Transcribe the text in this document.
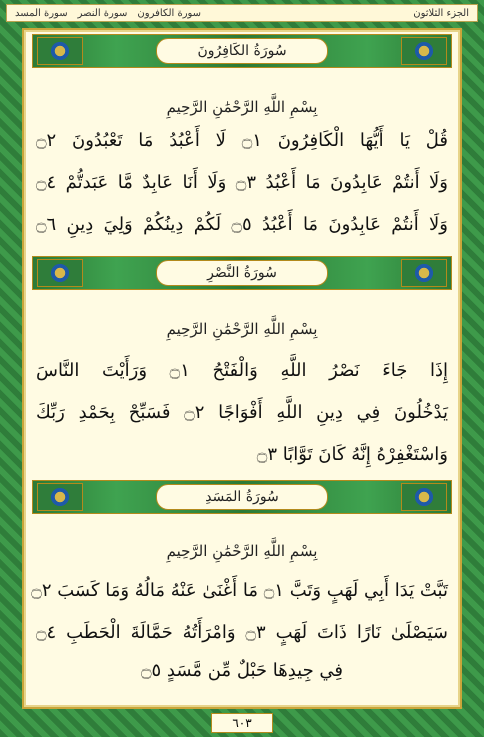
الجزء الثلاثون
سورة الكافرون
سورة النصر
سورة المسد
سُورَةُ الكَافِرُونَ
بِسْمِ اللَّهِ الرَّحْمَٰنِ الرَّحِيمِ
قُلْ يَا أَيُّهَا الْكَافِرُونَ ۝١ لَا أَعْبُدُ مَا تَعْبُدُونَ ۝٢
وَلَا أَنتُمْ عَابِدُونَ مَا أَعْبُدُ ۝٣ وَلَا أَنَا عَابِدٌ مَّا عَبَدتُّمْ ۝٤
وَلَا أَنتُمْ عَابِدُونَ مَا أَعْبُدُ ۝٥ لَكُمْ دِينُكُمْ وَلِيَ دِينِ ۝٦
سُورَةُ النَّصْرِ
بِسْمِ اللَّهِ الرَّحْمَٰنِ الرَّحِيمِ
إِذَا جَاءَ نَصْرُ اللَّهِ وَالْفَتْحُ ۝١ وَرَأَيْتَ النَّاسَ
يَدْخُلُونَ فِي دِينِ اللَّهِ أَفْوَاجًا ۝٢ فَسَبِّحْ بِحَمْدِ رَبِّكَ
وَاسْتَغْفِرْهُ إِنَّهُ كَانَ تَوَّابًا ۝٣
سُورَةُ المَسَدِ
بِسْمِ اللَّهِ الرَّحْمَٰنِ الرَّحِيمِ
تَبَّتْ يَدَا أَبِي لَهَبٍ وَتَبَّ ۝١ مَا أَغْنَىٰ عَنْهُ مَالُهُ وَمَا كَسَبَ ۝٢
سَيَصْلَىٰ نَارًا ذَاتَ لَهَبٍ ۝٣ وَامْرَأَتُهُ حَمَّالَةَ الْحَطَبِ ۝٤
فِي جِيدِهَا حَبْلٌ مِّن مَّسَدٍ ۝٥
٦٠٣
